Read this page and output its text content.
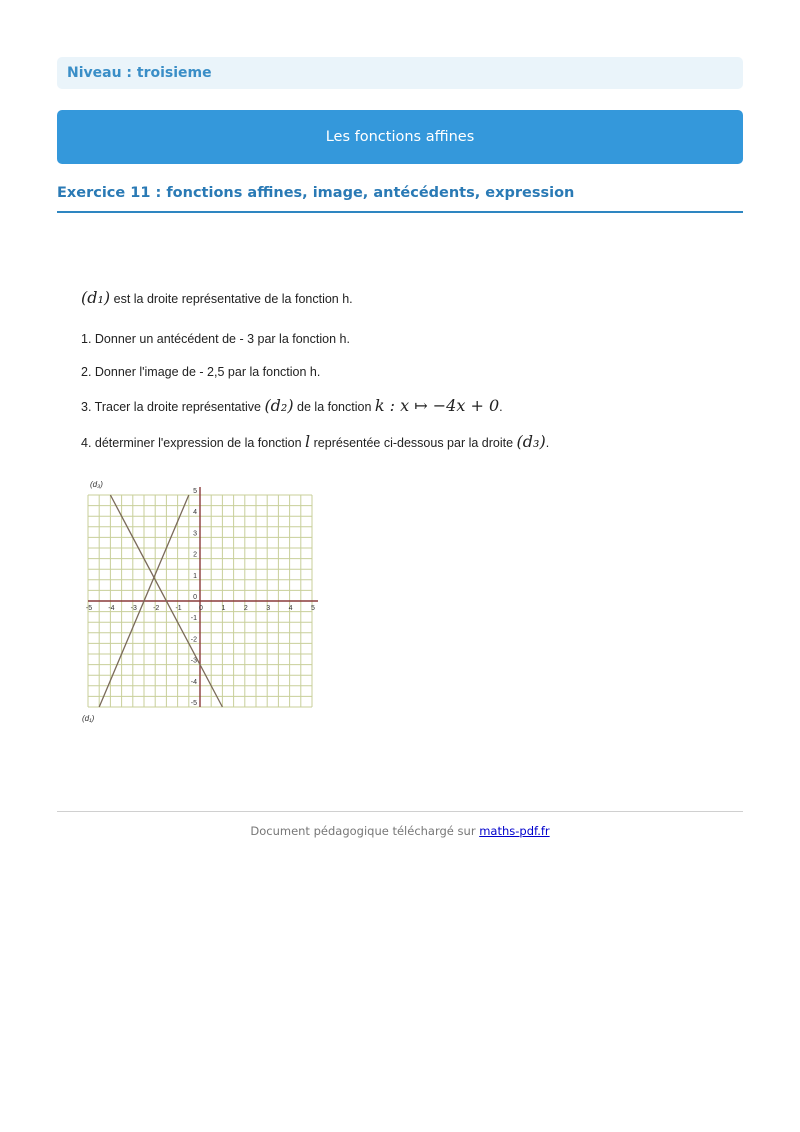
Niveau : troisieme
Les fonctions affines
Exercice 11 : fonctions affines, image, antécédents, expression
(d₁) est la droite représentative de la fonction h.
1. Donner un antécédent de - 3 par la fonction h.
2. Donner l'image de - 2,5 par la fonction h.
3. Tracer la droite représentative (d₂) de la fonction k : x ↦ −4x + 0.
4. déterminer l'expression de la fonction l représentée ci-dessous par la droite (d₃).
-5 -4 -3 -2 -1 0	1	2	3	4	5
5
4
3
2
1
0
-1
-2
-3
-4
-5
(d₃)
(d₁)
Document pédagogique téléchargé sur maths-pdf.fr
